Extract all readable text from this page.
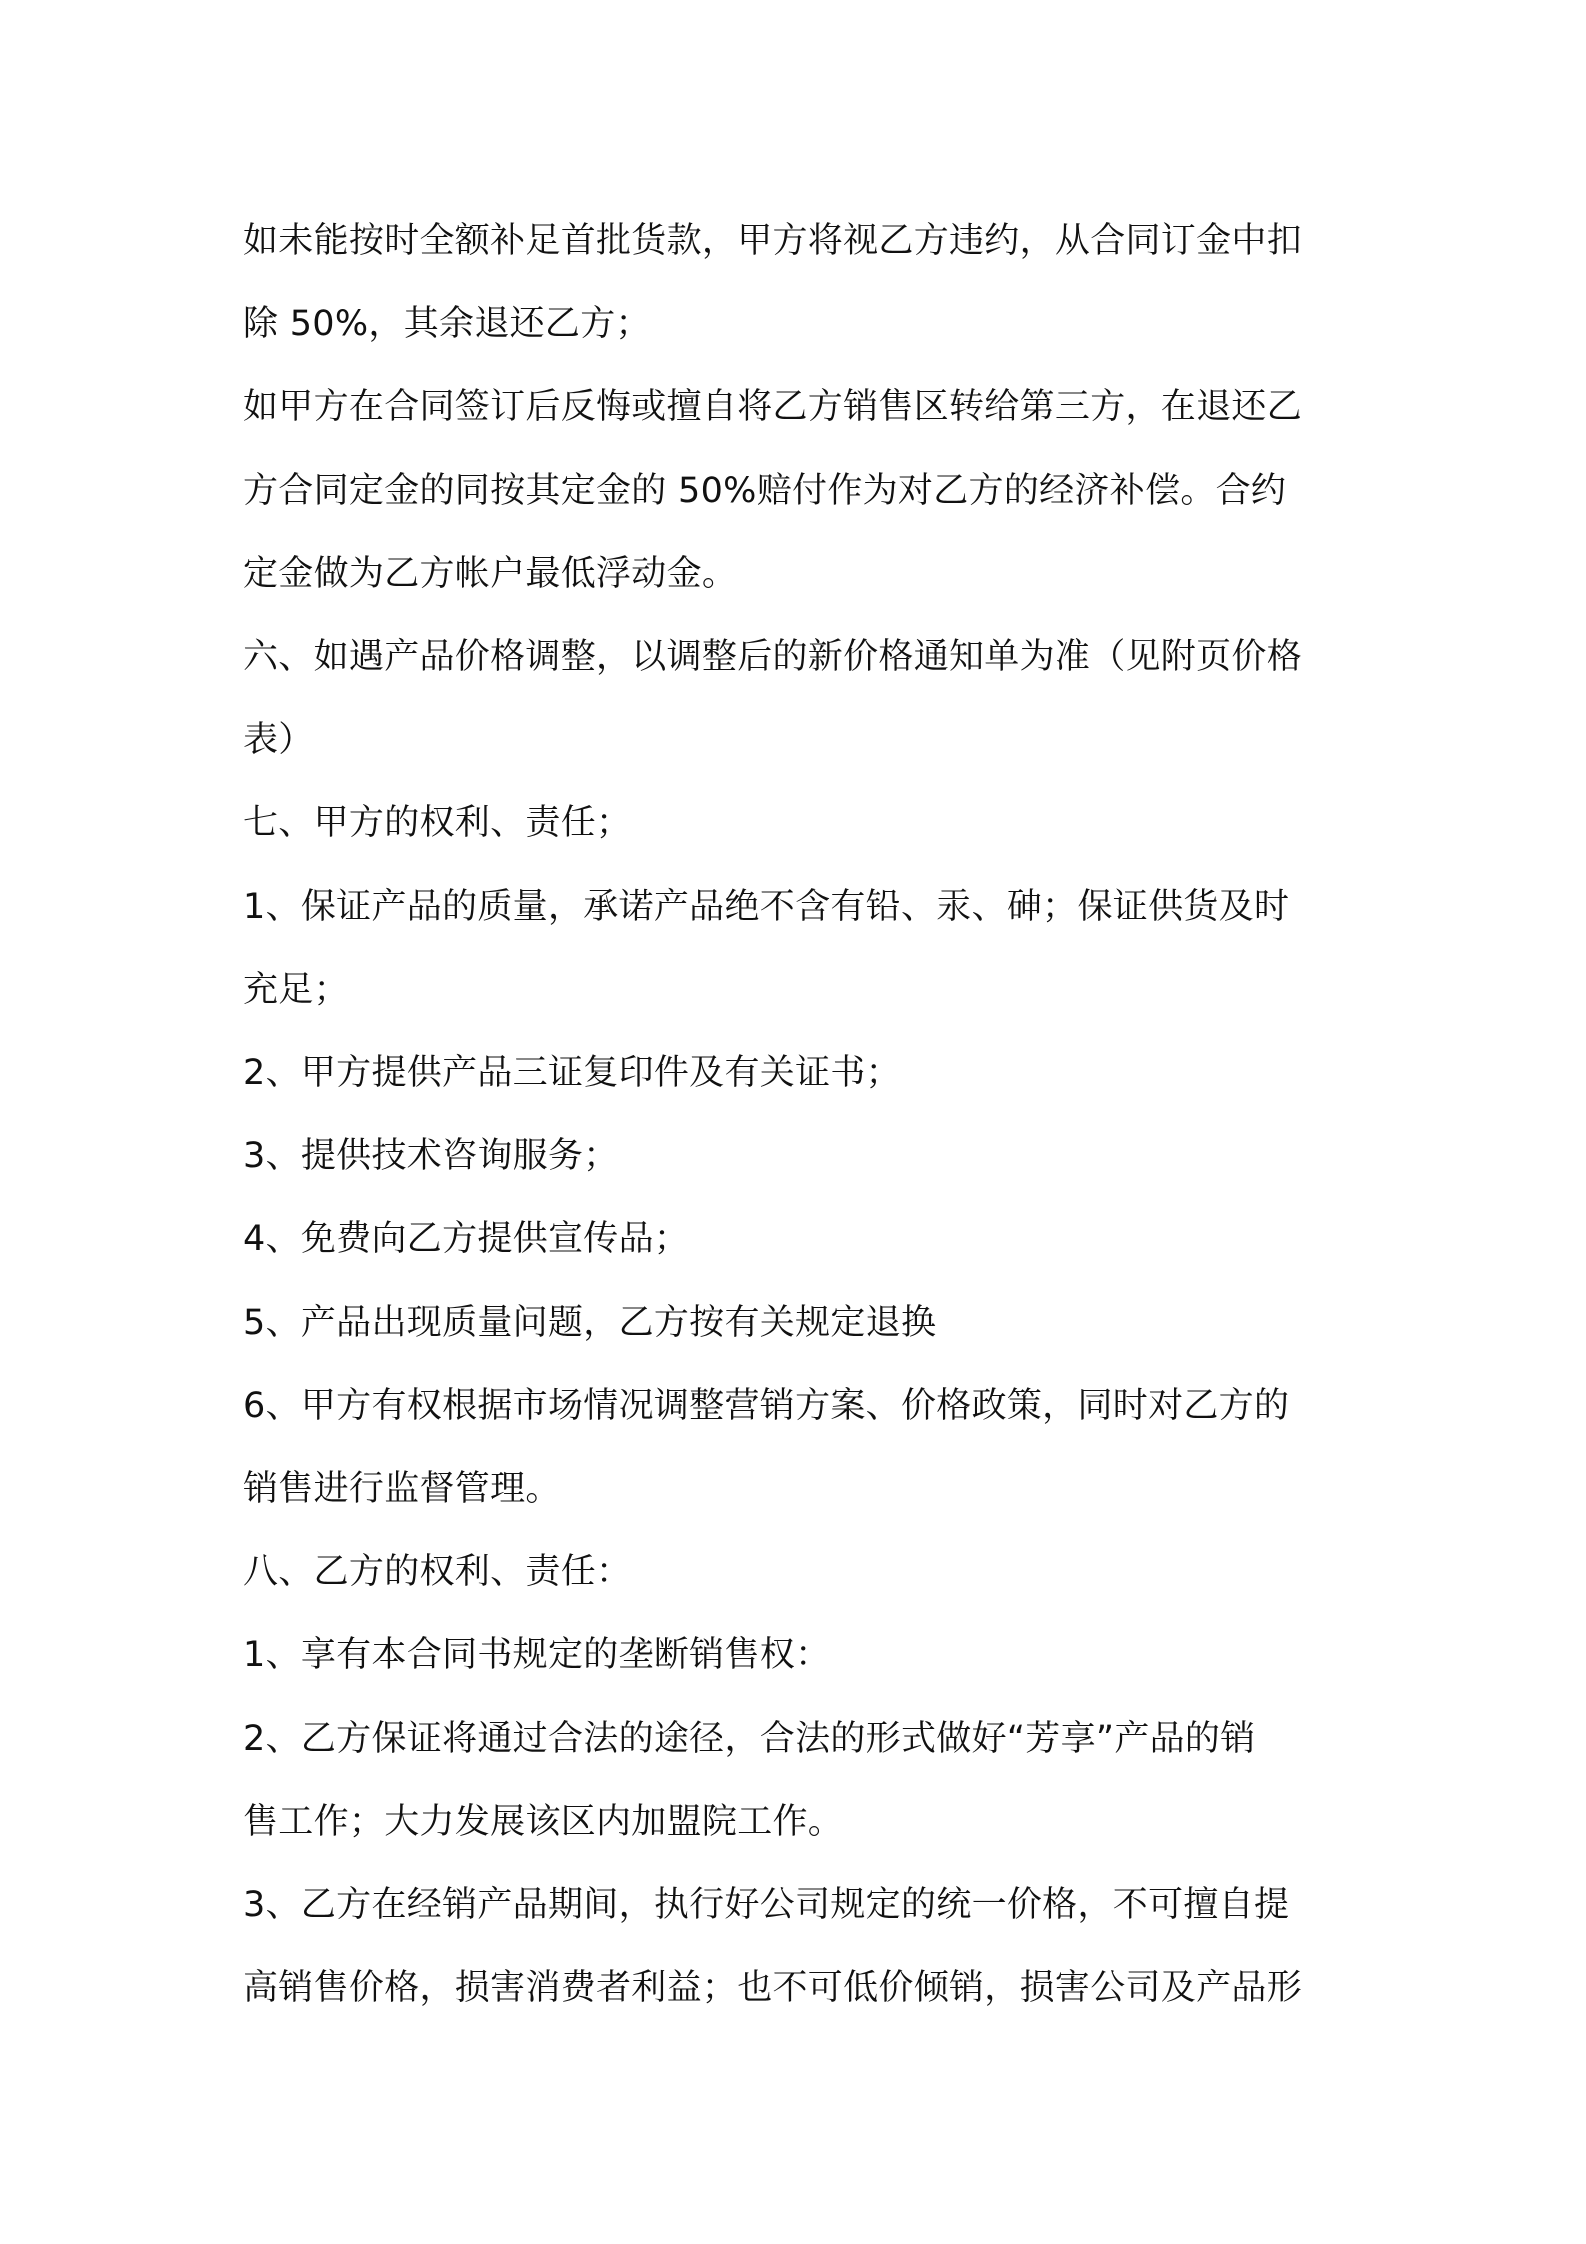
如未能按时全额补足首批货款，甲方将视乙方违约，从合同订金中扣

除 50%，其余退还乙方；

如甲方在合同签订后反悔或擅自将乙方销售区转给第三方，在退还乙

方合同定金的同按其定金的 50%赔付作为对乙方的经济补偿。合约

定金做为乙方帐户最低浮动金。

六、如遇产品价格调整，以调整后的新价格通知单为准（见附页价格

表）

七、甲方的权利、责任；

1、保证产品的质量，承诺产品绝不含有铅、汞、砷；保证供货及时

充足；

2、甲方提供产品三证复印件及有关证书；

3、提供技术咨询服务；

4、免费向乙方提供宣传品；

5、产品出现质量问题，乙方按有关规定退换

6、甲方有权根据市场情况调整营销方案、价格政策，同时对乙方的

销售进行监督管理。

八、乙方的权利、责任：

1、享有本合同书规定的垄断销售权：

2、乙方保证将通过合法的途径，合法的形式做好“芳享”产品的销

售工作；大力发展该区内加盟院工作。

3、乙方在经销产品期间，执行好公司规定的统一价格，不可擅自提

高销售价格，损害消费者利益；也不可低价倾销，损害公司及产品形
